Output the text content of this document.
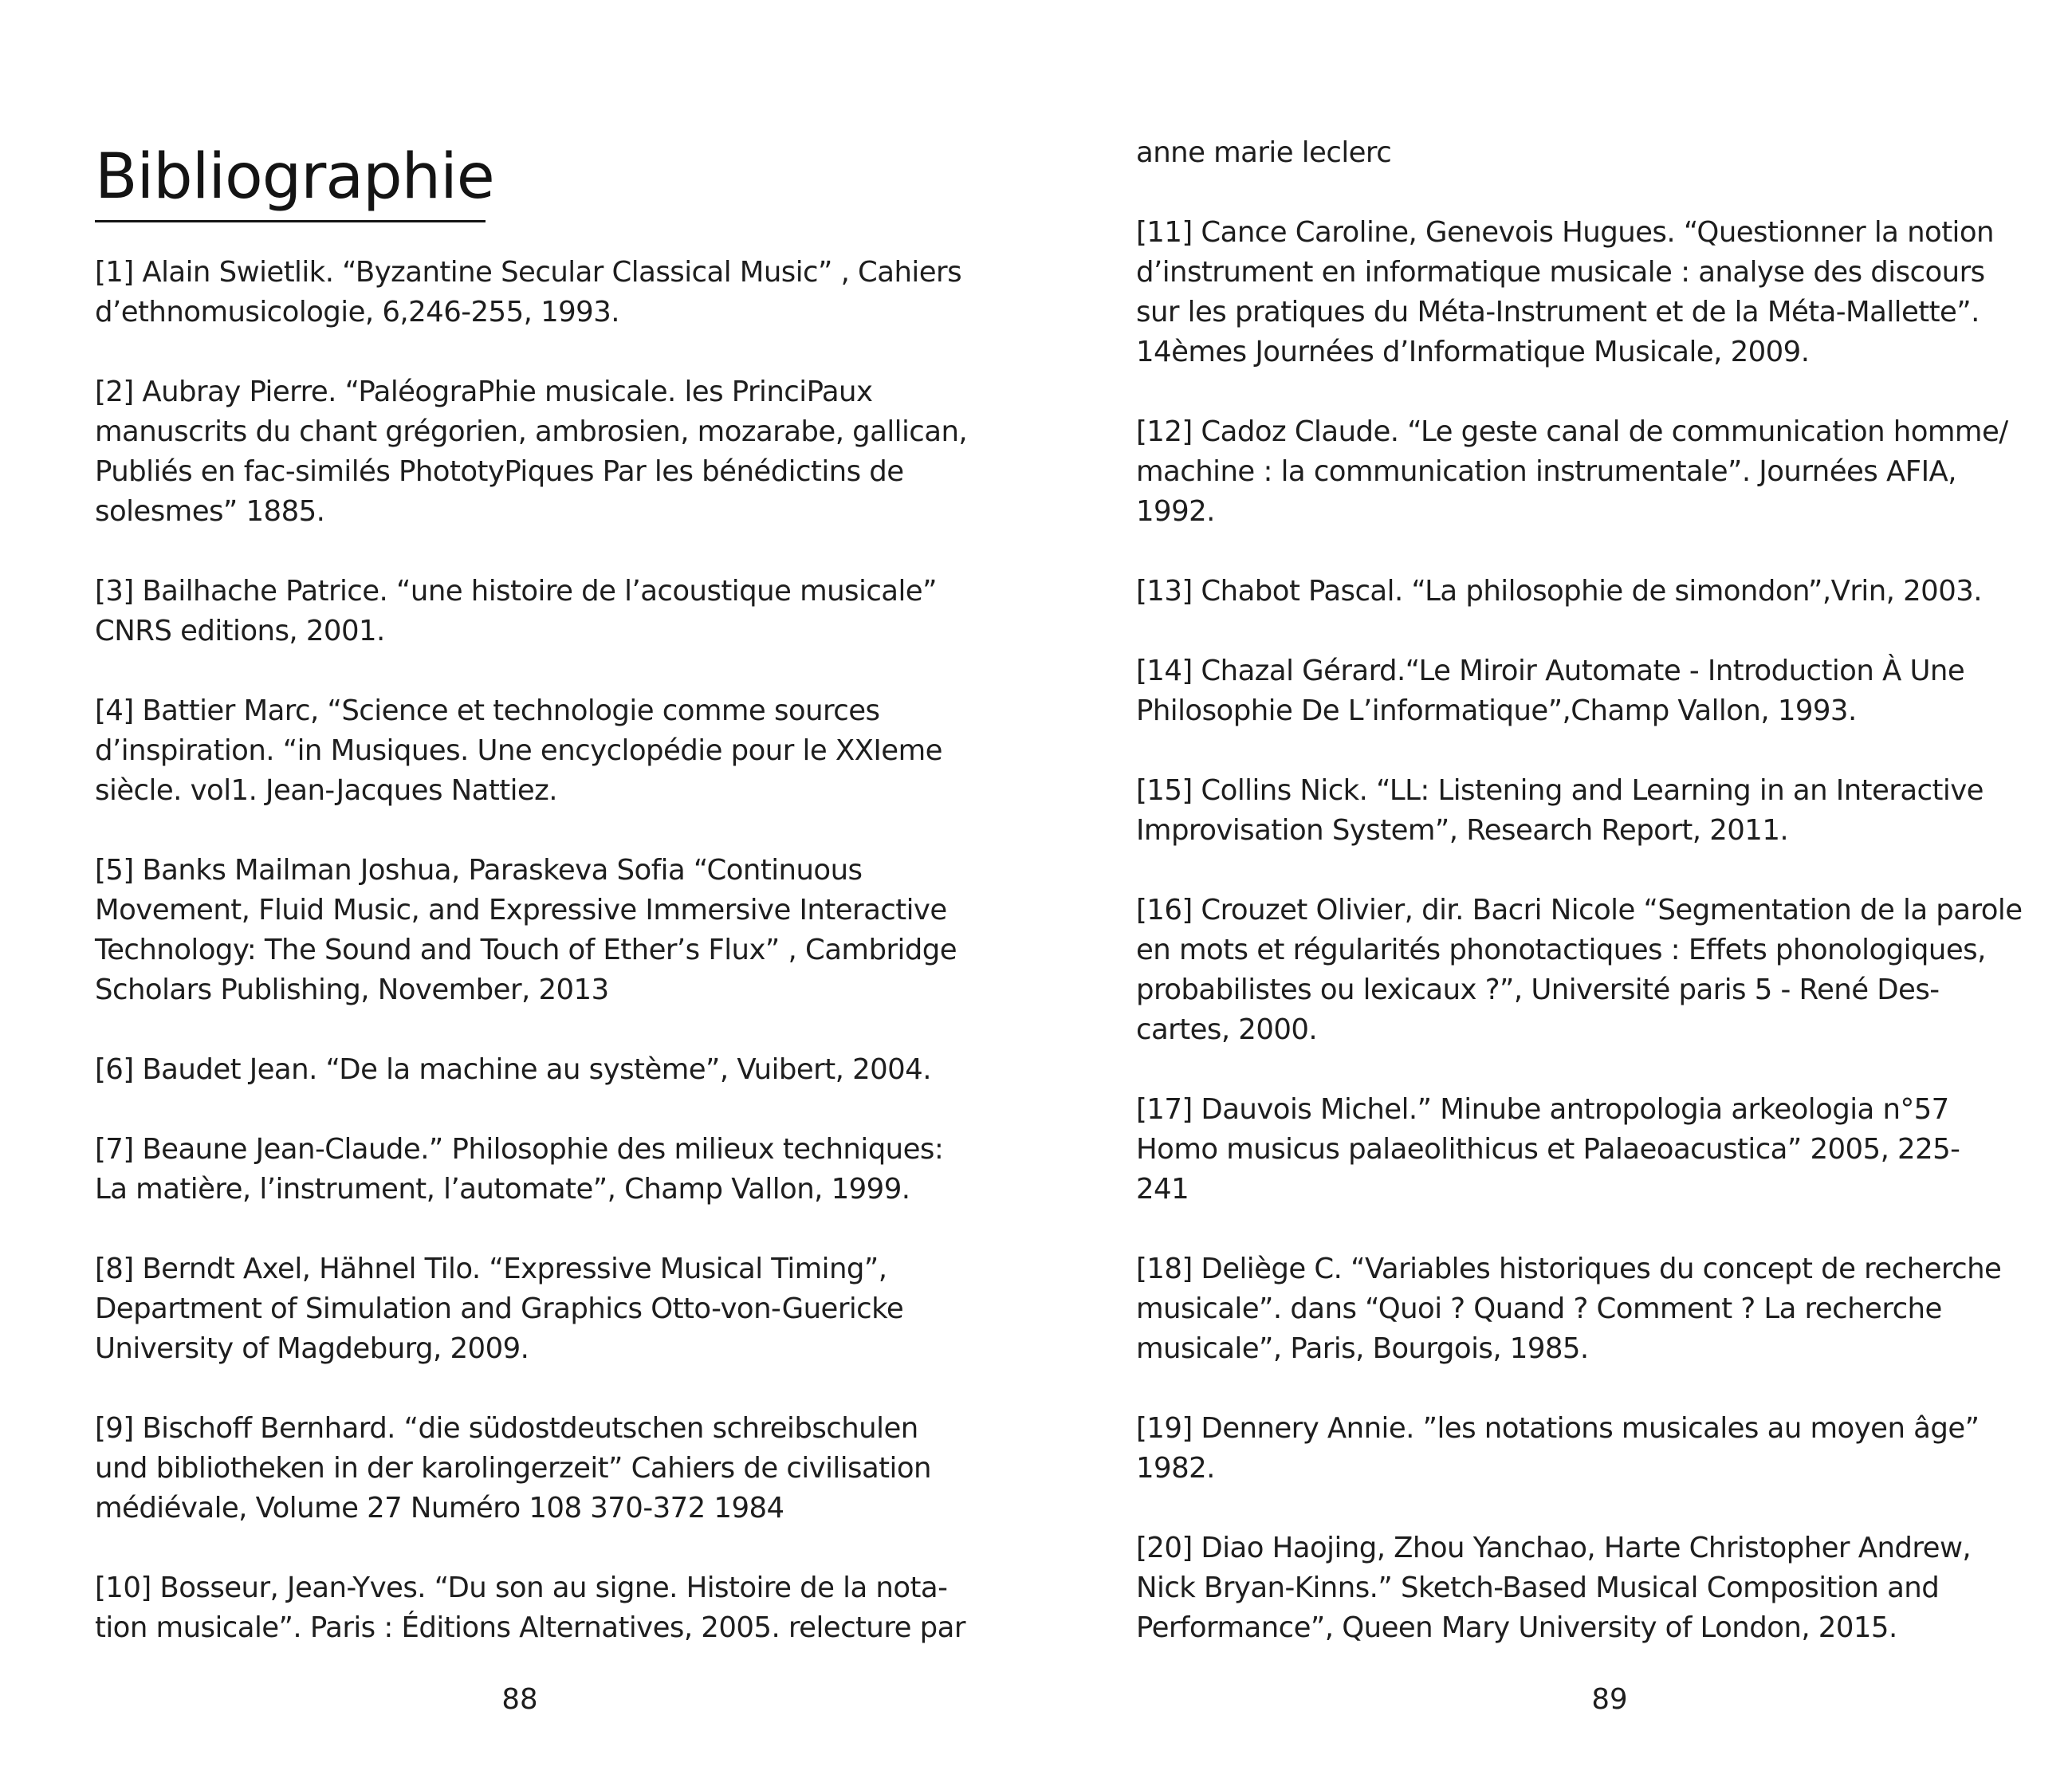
Bibliographie
[1] Alain Swietlik. “Byzantine Secular Classical Music” , Cahiers
d’ethnomusicologie, 6,246-255, 1993.
[2] Aubray Pierre. “PaléograPhie musicale. les PrinciPaux
manuscrits du chant grégorien, ambrosien, mozarabe, gallican,
Publiés en fac-similés PhototyPiques Par les bénédictins de
solesmes” 1885.
[3] Bailhache Patrice. “une histoire de l’acoustique musicale”
CNRS editions, 2001.
[4] Battier Marc, “Science et technologie comme sources
d’inspiration. “in Musiques. Une encyclopédie pour le XXIeme
siècle. vol1. Jean-Jacques Nattiez.
[5] Banks Mailman Joshua, Paraskeva Sofia “Continuous
Movement, Fluid Music, and Expressive Immersive Interactive
Technology: The Sound and Touch of Ether’s Flux” , Cambridge
Scholars Publishing, November, 2013
[6] Baudet Jean. “De la machine au système”, Vuibert, 2004.
[7] Beaune Jean-Claude.” Philosophie des milieux techniques:
La matière, l’instrument, l’automate”, Champ Vallon, 1999.
[8] Berndt Axel, Hähnel Tilo. “Expressive Musical Timing”,
Department of Simulation and Graphics Otto-von-Guericke
University of Magdeburg, 2009.
[9] Bischoff Bernhard. “die südostdeutschen schreibschulen
und bibliotheken in der karolingerzeit” Cahiers de civilisation
médiévale, Volume 27 Numéro 108 370-372 1984
[10] Bosseur, Jean-Yves. “Du son au signe. Histoire de la nota-
tion musicale”. Paris : Éditions Alternatives, 2005. relecture par

88

anne marie leclerc

[11] Cance Caroline, Genevois Hugues. “Questionner la notion
d’instrument en informatique musicale : analyse des discours
sur les pratiques du Méta-Instrument et de la Méta-Mallette”.
14èmes Journées d’Informatique Musicale, 2009.
[12] Cadoz Claude. “Le geste canal de communication homme/
machine : la communication instrumentale”. Journées AFIA,
1992.
[13] Chabot Pascal. “La philosophie de simondon”,Vrin, 2003.
[14] Chazal Gérard.“Le Miroir Automate - Introduction À Une
Philosophie De L’informatique”,Champ Vallon, 1993.
[15] Collins Nick. “LL: Listening and Learning in an Interactive
Improvisation System”, Research Report, 2011.
[16] Crouzet Olivier, dir. Bacri Nicole “Segmentation de la parole
en mots et régularités phonotactiques : Effets phonologiques,
probabilistes ou lexicaux ?”, Université paris 5 - René Des-
cartes, 2000.
[17] Dauvois Michel.” Minube antropologia arkeologia n°57
Homo musicus palaeolithicus et Palaeoacustica” 2005, 225-
241
[18] Deliège C. “Variables historiques du concept de recherche
musicale”. dans “Quoi ? Quand ? Comment ? La recherche
musicale”, Paris, Bourgois, 1985.
[19] Dennery Annie. ”les notations musicales au moyen âge”
1982.
[20] Diao Haojing, Zhou Yanchao, Harte Christopher Andrew,
Nick Bryan-Kinns.” Sketch-Based Musical Composition and
Performance”, Queen Mary University of London, 2015.

89
